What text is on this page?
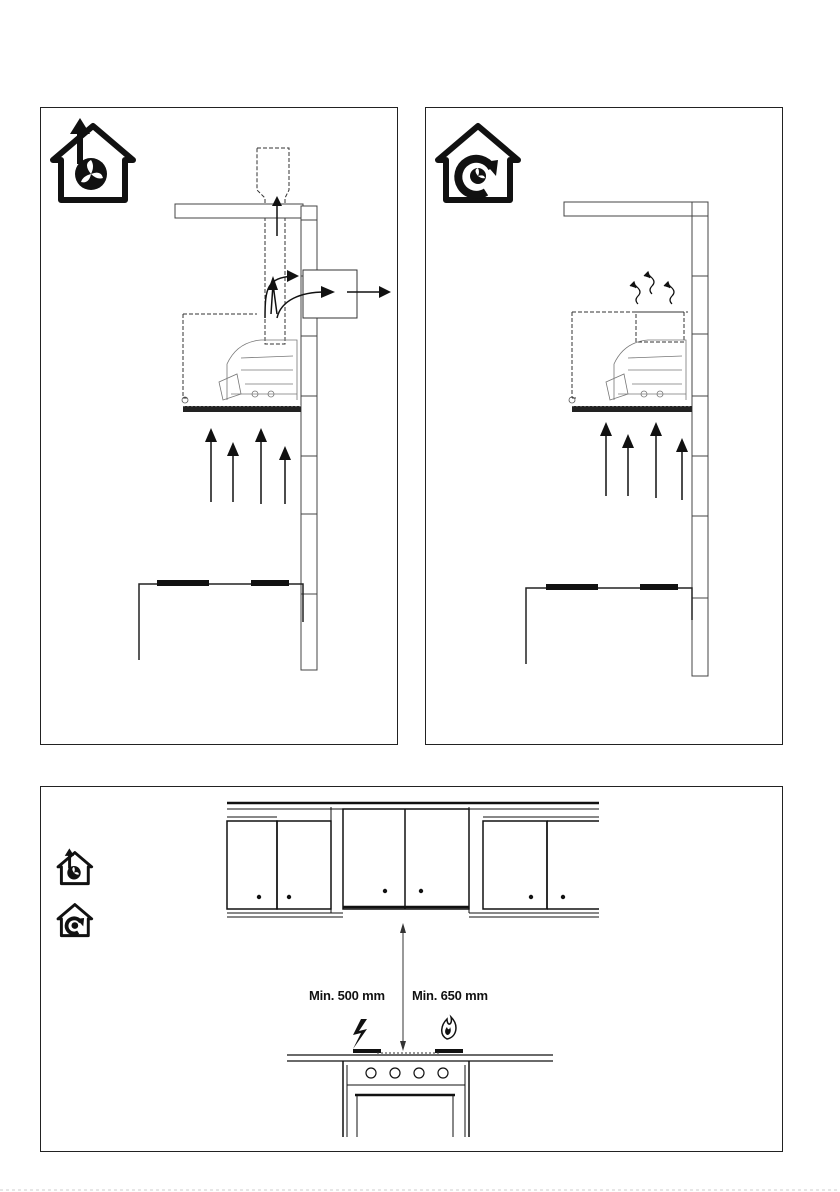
Min. 500 mm Min. 650 mm
